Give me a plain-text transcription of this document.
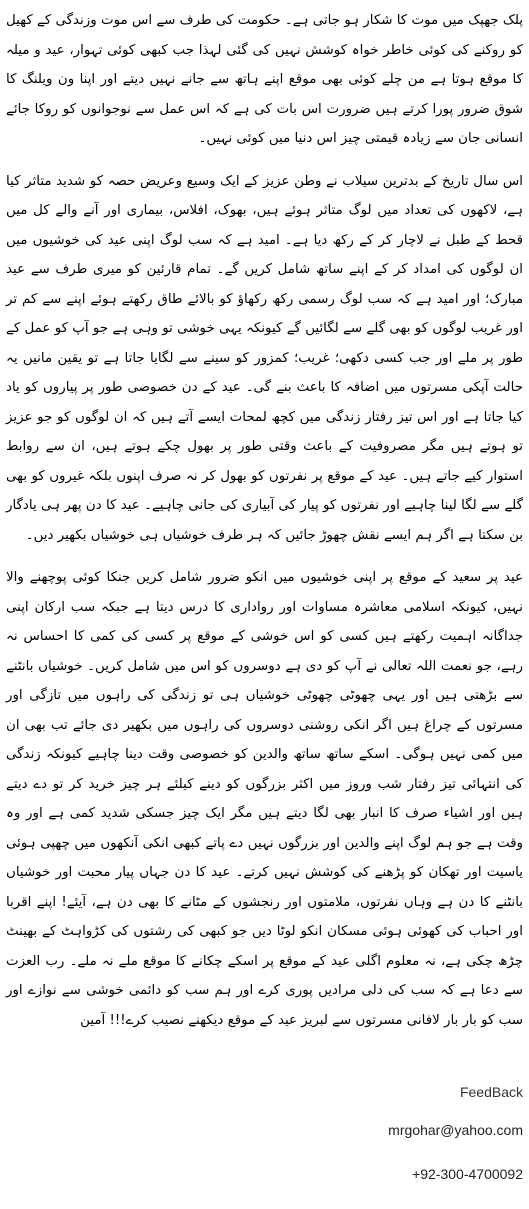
پلک جھپک میں موت کا شکار ہو جاتی ہے۔ حکومت کی طرف سے اس موت وزندگی کے کھیل کو روکنے کی کوئی خاطر خواہ کوشش نہیں کی گئی لہذا جب کبھی کوئی تہوار، عید و میلہ کا موقع ہوتا ہے من چلے کوئی بھی موقع اپنے ہاتھ سے جانے نہیں دیتے اور اپنا ون ویلنگ کا شوق ضرور پورا کرتے ہیں ضرورت اس بات کی ہے کہ اس عمل سے نوجوانوں کو روکا جائے انسانی جان سے زیادہ قیمتی چیز اس دنیا میں کوئی نہیں۔

اس سال تاریخ کے بدترین سیلاب نے وطن عزیز کے ایک وسیع وعریض حصہ کو شدید متاثر کیا ہے، لاکھوں کی تعداد میں لوگ متاثر ہوئے ہیں، بھوک، افلاس، بیماری اور آنے والے کل میں قحط کے طبل نے لاچار کر کے رکھ دیا ہے۔ امید ہے کہ سب لوگ اپنی عید کی خوشیوں میں ان لوگوں کی امداد کر کے اپنے ساتھ شامل کریں گے۔ تمام قارئین کو میری طرف سے عید مبارک؛ اور امید ہے کہ سب لوگ رسمی رکھ رکھاؤ کو بالائے طاق رکھتے ہوئے اپنے سے کم تر اور غریب لوگوں کو بھی گلے سے لگائیں گے کیونکہ یہی خوشی تو وہی ہے جو آپ کو عمل کے طور پر ملے اور جب کسی دکھی؛ غریب؛ کمزور کو سینے سے لگایا جاتا ہے تو یقین مانیں یہ حالت آپکی مسرتوں میں اضافہ کا باعث بنے گی۔ عید کے دن خصوصی طور پر پیاروں کو یاد کیا جاتا ہے اور اس تیز رفتار زندگی میں کچھ لمحات ایسے آتے ہیں کہ ان لوگوں کو جو عزیز تو ہوتے ہیں مگر مصروفیت کے باعث وقتی طور پر بھول چکے ہوتے ہیں، ان سے روابط استوار کیے جاتے ہیں۔ عید کے موقع پر نفرتوں کو بھول کر نہ صرف اپنوں بلکہ غیروں کو بھی گلے سے لگا لینا چاہیے اور نفرتوں کو پیار کی آبیاری کی جانی چاہیے۔ عید کا دن پھر ہی یادگار بن سکتا ہے اگر ہم ایسے نقش چھوڑ جائیں کہ ہر طرف خوشیاں ہی خوشیاں بکھیر دیں۔

عید پر سعید کے موقع پر اپنی خوشیوں میں انکو ضرور شامل کریں جنکا کوئی پوچھنے والا نہیں، کیونکہ اسلامی معاشرہ مساوات اور رواداری کا درس دیتا ہے جبکہ سب ارکان اپنی جداگانہ اہمیت رکھتے ہیں کسی کو اس خوشی کے موقع پر کسی کی کمی کا احساس نہ رہے، جو نعمت اللہ تعالی نے آپ کو دی ہے دوسروں کو اس میں شامل کریں۔ خوشیاں بانٹنے سے بڑھتی ہیں اور یہی چھوٹی چھوٹی خوشیاں ہی تو زندگی کی راہوں میں تازگی اور مسرتوں کے چراغ ہیں اگر انکی روشنی دوسروں کی راہوں میں بکھیر دی جائے تب بھی ان میں کمی نہیں ہوگی۔ اسکے ساتھ ساتھ والدین کو خصوصی وقت دینا چاہیے کیونکہ زندگی کی انتہائی تیز رفتار شب وروز میں اکثر بزرگوں کو دینے کیلئے ہر چیز خرید کر تو دے دیتے ہیں اور اشیاء صرف کا انبار بھی لگا دیتے ہیں مگر ایک چیز جسکی شدید کمی ہے اور وہ وقت ہے جو ہم لوگ اپنے والدین اور بزرگوں نہیں دے پاتے کبھی انکی آنکھوں میں چھپی ہوئی یاسیت اور تھکان کو پڑھنے کی کوشش نہیں کرتے۔ عید کا دن جہاں پیار محبت اور خوشیاں بانٹنے کا دن ہے وہاں نفرتوں، ملامتوں اور رنجشوں کے مٹانے کا بھی دن ہے، آیئے! اپنے اقربا اور احباب کی کھوئی ہوئی مسکان انکو لوٹا دیں جو کبھی کی رشتوں کی کڑواہٹ کے بھینٹ چڑھ چکی ہے، نہ معلوم اگلی عید کے موقع پر اسکے چکانے کا موقع ملے نہ ملے۔ رب العزت سے دعا ہے کہ سب کی دلی مرادیں پوری کرے اور ہم سب کو دائمی خوشی سے نوازے اور سب کو بار بار لافانی مسرتوں سے لبریز عید کے موقع دیکھنے نصیب کرے!!! آمین

FeedBack
mrgohar@yahoo.com
+92-300-4700092
